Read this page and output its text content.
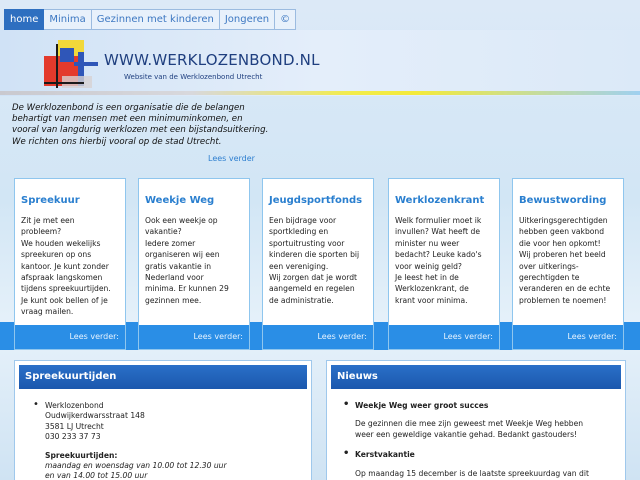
home	Minima	Gezinnen met kinderen	Jongeren	©
WWW.WERKLOZENBOND.NL
Website van de Werklozenbond Utrecht
De Werklozenbond is een organisatie die de belangen
behartigt van mensen met een minimuminkomen, en
vooral van langdurig werklozen met een bijstandsuitkering.
We richten ons hierbij vooral op de stad Utrecht.
Lees verder
Spreekuur
Zit je met een
probleem?
We houden wekelijks
spreekuren op ons
kantoor. Je kunt zonder
afspraak langskomen
tijdens spreekuurtijden.
Je kunt ook bellen of je
vraag mailen.
Lees verder:
Weekje Weg
Ook een weekje op
vakantie?
Iedere zomer
organiseren wij een
gratis vakantie in
Nederland voor
minima. Er kunnen 29
gezinnen mee.
Lees verder:
Jeugdsportfonds
Een bijdrage voor
sportkleding en
sportuitrusting voor
kinderen die sporten bij
een vereniging.
Wij zorgen dat je wordt
aangemeld en regelen
de administratie.
Lees verder:
Werklozenkrant
Welk formulier moet ik
invullen? Wat heeft de
minister nu weer
bedacht? Leuke kado's
voor weinig geld?
Je leest het in de
Werklozenkrant, de
krant voor minima.
Lees verder:
Bewustwording
Uitkeringsgerechtigden
hebben geen vakbond
die voor hen opkomt!
Wij proberen het beeld
over uitkerings-
gerechtigden te
veranderen en de echte
problemen te noemen!
Lees verder:
Spreekuurtijden
• Werklozenbond
Oudwijkerdwarsstraat 148
3581 LJ Utrecht
030 233 37 73
Spreekuurtijden:
maandag en woensdag van 10.00 tot 12.30 uur
en van 14.00 tot 15.00 uur
Nieuws
• Weekje Weg weer groot succes
De gezinnen die mee zijn geweest met Weekje Weg hebben
weer een geweldige vakantie gehad. Bedankt gastouders!
• Kerstvakantie
Op maandag 15 december is de laatste spreekuurdag van dit
